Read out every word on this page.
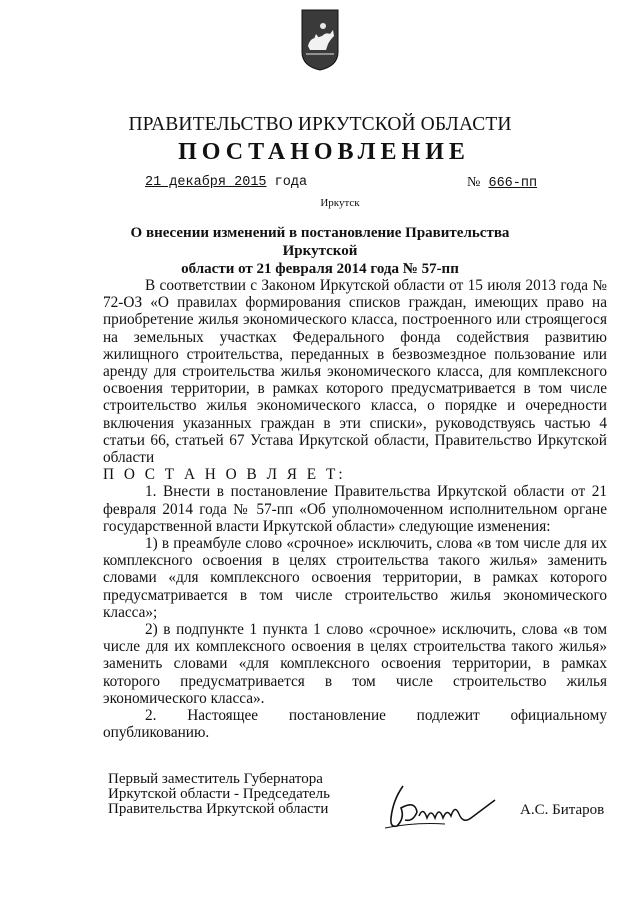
ПРАВИТЕЛЬСТВО ИРКУТСКОЙ ОБЛАСТИ
ПОСТАНОВЛЕНИЕ
21 декабря 2015 года	№ 666-пп
Иркутск
О внесении изменений в постановление Правительства Иркутской
области от 21 февраля 2014 года № 57-пп

В соответствии с Законом Иркутской области от 15 июля 2013 года № 72-ОЗ «О правилах формирования списков граждан, имеющих право на приобретение жилья экономического класса, построенного или строящегося на земельных участках Федерального фонда содействия развитию жилищного строительства, переданных в безвозмездное пользование или аренду для строительства жилья экономического класса, для комплексного освоения территории, в рамках которого предусматривается в том числе строительство жилья экономического класса, о порядке и очередности включения указанных граждан в эти списки», руководствуясь частью 4 статьи 66, статьей 67 Устава Иркутской области, Правительство Иркутской области

П О С Т А Н О В Л Я Е Т:

1. Внести в постановление Правительства Иркутской области от 21 февраля 2014 года № 57-пп «Об уполномоченном исполнительном органе государственной власти Иркутской области» следующие изменения:

1) в преамбуле слово «срочное» исключить, слова «в том числе для их комплексного освоения в целях строительства такого жилья» заменить словами «для комплексного освоения территории, в рамках которого предусматривается в том числе строительство жилья экономического класса»;

2) в подпункте 1 пункта 1 слово «срочное» исключить, слова «в том числе для их комплексного освоения в целях строительства такого жилья» заменить словами «для комплексного освоения территории, в рамках которого предусматривается в том числе строительство жилья экономического класса».

2. Настоящее постановление подлежит официальному опубликованию.

Первый заместитель Губернатора
Иркутской области - Председатель
Правительства Иркутской области	А.С. Битаров
